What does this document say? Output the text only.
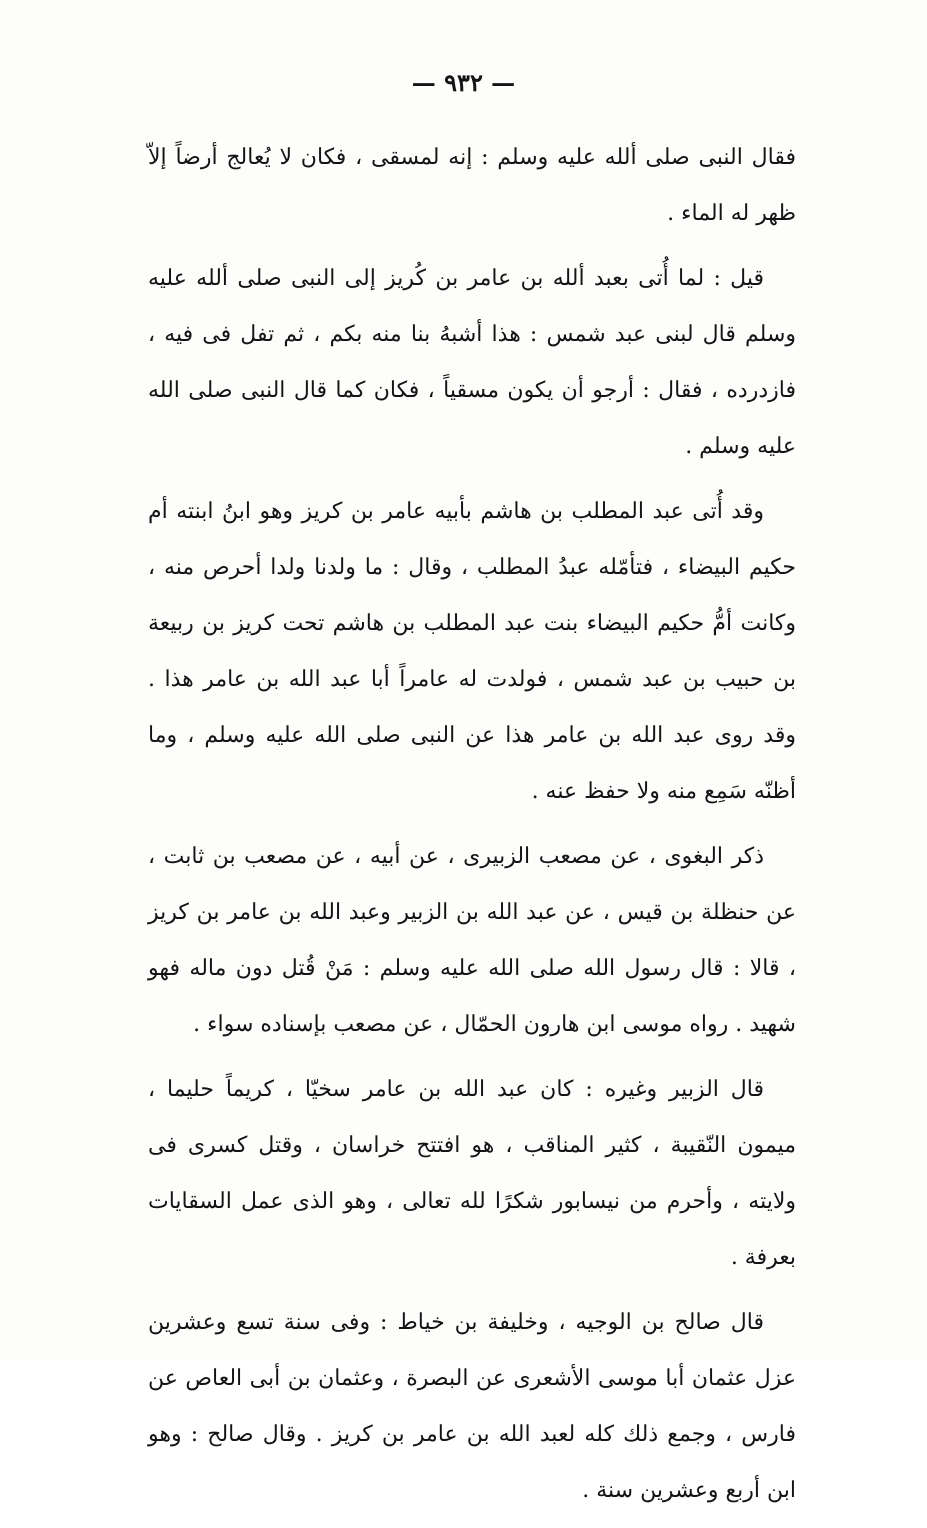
— ٩٣٢ —

فقال النبى صلى ألله عليه وسلم : إنه لمسقى ، فكان لا يُعالج أرضاً إلاّ ظهر له الماء .

قيل : لما أُتى بعبد ألله بن عامر بن كُريز إلى النبى صلى ألله عليه وسلم قال لبنى عبد شمس : هذا أشبهُ بنا منه بكم ، ثم تفل فى فيه ، فازدرده ، فقال : أرجو أن يكون مسقياً ، فكان كما قال النبى صلى الله عليه وسلم .

وقد أُتى عبد المطلب بن هاشم بأبيه عامر بن كريز وهو ابنُ ابنته أم حكيم البيضاء ، فتأمّله عبدُ المطلب ، وقال : ما ولدنا ولدا أحرص منه ، وكانت أمُّ حكيم البيضاء بنت عبد المطلب بن هاشم تحت كريز بن ربيعة بن حبيب بن عبد شمس ، فولدت له عامراً أبا عبد الله بن عامر هذا . وقد روى عبد الله بن عامر هذا عن النبى صلى الله عليه وسلم ، وما أظنّه سَمِع منه ولا حفظ عنه .

ذكر البغوى ، عن مصعب الزبيرى ، عن أبيه ، عن مصعب بن ثابت ، عن حنظلة بن قيس ، عن عبد الله بن الزبير وعبد الله بن عامر بن كريز ، قالا : قال رسول الله صلى الله عليه وسلم : مَنْ قُتل دون ماله فهو شهيد . رواه موسى ابن هارون الحمّال ، عن مصعب بإسناده سواء .

قال الزبير وغيره : كان عبد الله بن عامر سخيّا ، كريماً حليما ، ميمون النّقيبة ، كثير المناقب ، هو افتتح خراسان ، وقتل كسرى فى ولايته ، وأحرم من نيسابور شكرًا لله تعالى ، وهو الذى عمل السقايات بعرفة .

قال صالح بن الوجيه ، وخليفة بن خياط : وفى سنة تسع وعشرين عزل عثمان أبا موسى الأشعرى عن البصرة ، وعثمان بن أبى العاص عن فارس ، وجمع ذلك كله لعبد الله بن عامر بن كريز . وقال صالح : وهو ابن أربع وعشرين سنة .
